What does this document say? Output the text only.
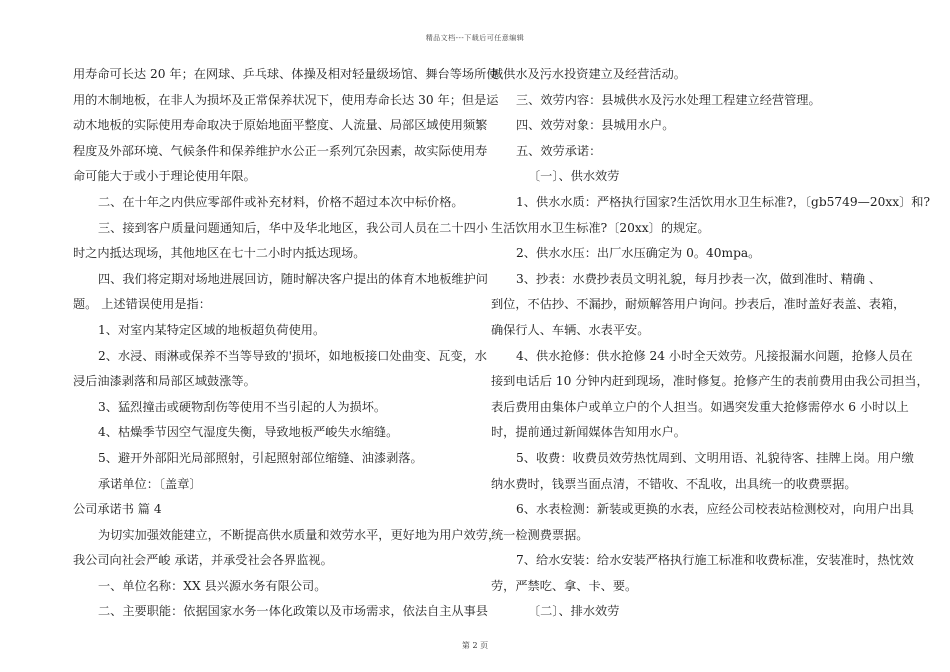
精品文档---下载后可任意编辑

用寿命可长达 20 年；在网球、乒乓球、体操及相对轻量级场馆、舞台等场所使

用的木制地板，在非人为损坏及正常保养状况下，使用寿命长达 30 年；但是运

动木地板的实际使用寿命取决于原始地面平整度、人流量、局部区域使用频繁

程度及外部环境、气候条件和保养维护水公正一系列冗杂因素，故实际使用寿

命可能大于或小于理论使用年限。

二、在十年之内供应零部件或补充材料，价格不超过本次中标价格。

三、接到客户质量问题通知后，华中及华北地区，我公司人员在二十四小

时之内抵达现场，其他地区在七十二小时内抵达现场。

四、我们将定期对场地进展回访，随时解决客户提出的体育木地板维护问

题。 上述错误使用是指：

1、对室内某特定区域的地板超负荷使用。

2、水浸、雨淋或保养不当等导致的'损坏，如地板接口处曲变、瓦变，水

浸后油漆剥落和局部区域鼓涨等。

3、猛烈撞击或硬物刮伤等使用不当引起的人为损坏。

4、枯燥季节因空气湿度失衡，导致地板严峻失水缩缝。

5、避开外部阳光局部照射，引起照射部位缩缝、油漆剥落。

承诺单位：〔盖章〕

公司承诺书 篇 4

为切实加强效能建立，不断提高供水质量和效劳水平，更好地为用户效劳，

我公司向社会严峻 承诺，并承受社会各界监视。

一、单位名称：XX 县兴源水务有限公司。

二、主要职能：依据国家水务一体化政策以及市场需求，依法自主从事县

城供水及污水投资建立及经营活动。

三、效劳内容：县城供水及污水处理工程建立经营管理。

四、效劳对象：县城用水户。

五、效劳承诺：

〔一〕、供水效劳

1、供水水质：严格执行国家?生活饮用水卫生标准?，〔gb5749—20xx〕和?

生活饮用水卫生标准?〔20xx〕的规定。

2、供水水压：出厂水压确定为 0。40mpa。

3、抄表：水费抄表员文明礼貌，每月抄表一次，做到准时、精确 、

到位，不估抄、不漏抄，耐烦解答用户询问。抄表后，准时盖好表盖、表箱，

确保行人、车辆、水表平安。

4、供水抢修：供水抢修 24 小时全天效劳。凡接报漏水问题，抢修人员在

接到电话后 10 分钟内赶到现场，准时修复。抢修产生的表前费用由我公司担当，

表后费用由集体户或单立户的个人担当。如遇突发重大抢修需停水 6 小时以上

时，提前通过新闻媒体告知用水户。

5、收费：收费员效劳热忱周到、文明用语、礼貌待客、挂牌上岗。用户缴

纳水费时，钱票当面点清，不错收、不乱收，出具统一的收费票据。

6、水表检测：新装或更换的水表，应经公司校表站检测校对，向用户出具

统一检测费票据。

7、给水安装：给水安装严格执行施工标准和收费标准，安装准时，热忱效

劳，严禁吃、拿、卡、要。

〔二〕、排水效劳

第 2 页
